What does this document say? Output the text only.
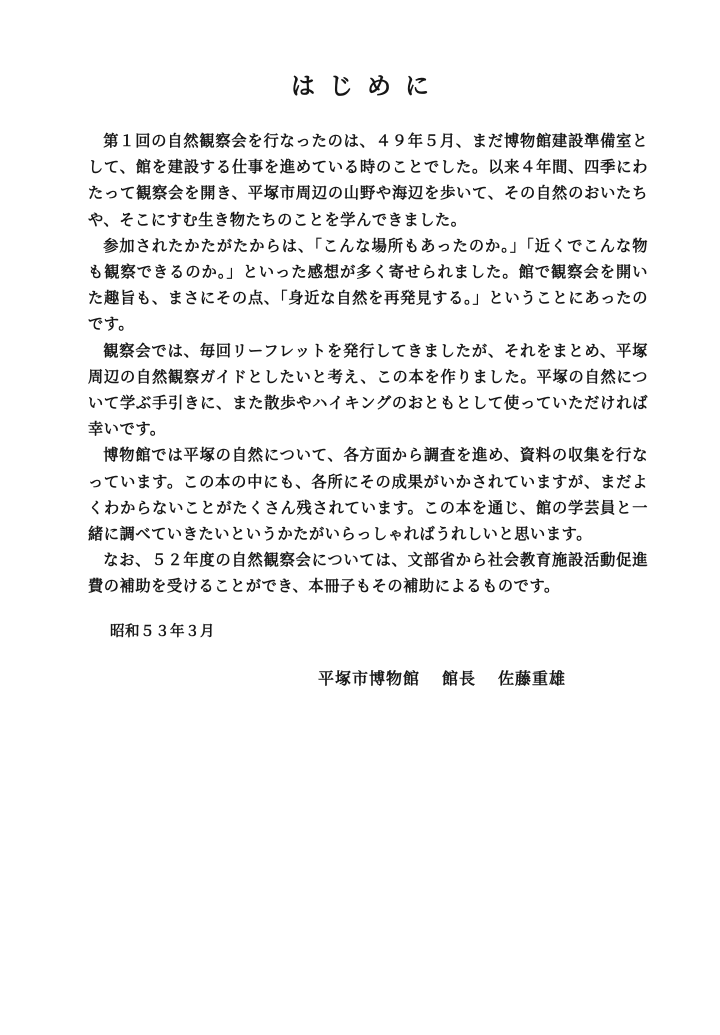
はじめに

第１回の自然観察会を行なったのは、４９年５月、まだ博物館建設準備室として、館を建設する仕事を進めている時のことでした。以来４年間、四季にわたって観察会を開き、平塚市周辺の山野や海辺を歩いて、その自然のおいたちや、そこにすむ生き物たちのことを学んできました。

参加されたかたがたからは、「こんな場所もあったのか。」「近くでこんな物も観察できるのか。」といった感想が多く寄せられました。館で観察会を開いた趣旨も、まさにその点、「身近な自然を再発見する。」ということにあったのです。

観察会では、毎回リーフレットを発行してきましたが、それをまとめ、平塚周辺の自然観察ガイドとしたいと考え、この本を作りました。平塚の自然について学ぶ手引きに、また散歩やハイキングのおともとして使っていただければ幸いです。

博物館では平塚の自然について、各方面から調査を進め、資料の収集を行なっています。この本の中にも、各所にその成果がいかされていますが、まだよくわからないことがたくさん残されています。この本を通じ、館の学芸員と一緒に調べていきたいというかたがいらっしゃればうれしいと思います。

なお、５２年度の自然観察会については、文部省から社会教育施設活動促進費の補助を受けることができ、本冊子もその補助によるものです。

昭和５３年３月
平塚市博物館 館長 佐藤重雄
